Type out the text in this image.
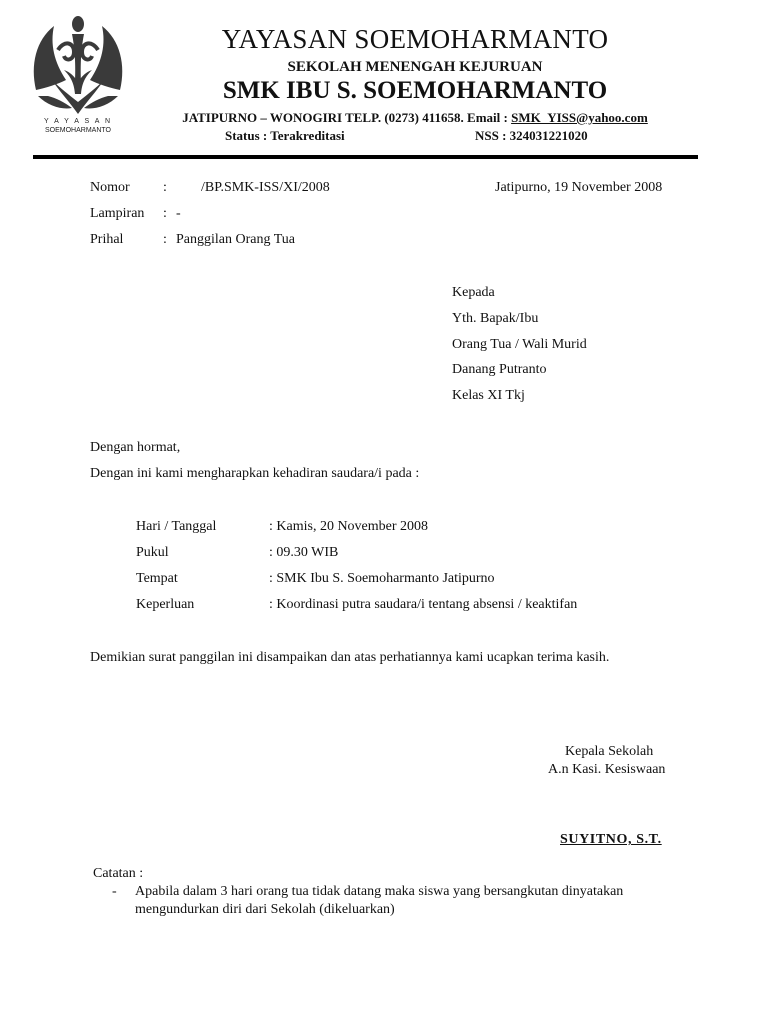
Y A Y A S A N
SOEMOHARMANTO
YAYASAN SOEMOHARMANTO
SEKOLAH MENENGAH KEJURUAN
SMK IBU S. SOEMOHARMANTO
JATIPURNO – WONOGIRI TELP. (0273) 411658. Email : SMK_YISS@yahoo.com
Status : Terakreditasi	NSS : 324031221020
Nomor : /BP.SMK-ISS/XI/2008	Jatipurno, 19 November 2008
Lampiran : -
Prihal	: Panggilan Orang Tua
Kepada
Yth. Bapak/Ibu
Orang Tua / Wali Murid
Danang Putranto
Kelas XI Tkj
Dengan hormat,
Dengan ini kami mengharapkan kehadiran saudara/i pada :
Hari / Tanggal	: Kamis, 20 November 2008
Pukul	: 09.30 WIB
Tempat	: SMK Ibu S. Soemoharmanto Jatipurno
Keperluan	: Koordinasi putra saudara/i tentang absensi / keaktifan
Demikian surat panggilan ini disampaikan dan atas perhatiannya kami ucapkan terima kasih.
Kepala Sekolah
A.n Kasi. Kesiswaan
SUYITNO, S.T.
Catatan :
- Apabila dalam 3 hari orang tua tidak datang maka siswa yang bersangkutan dinyatakan
mengundurkan diri dari Sekolah (dikeluarkan)
